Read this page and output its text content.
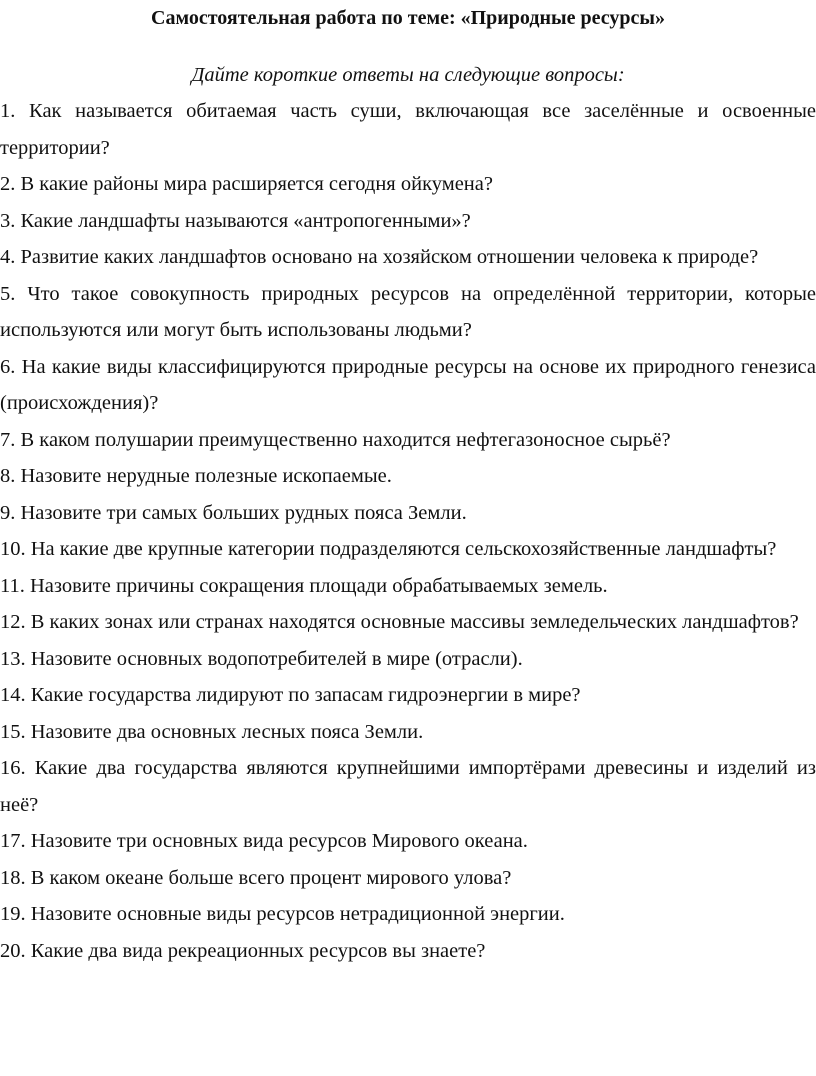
Самостоятельная работа по теме: «Природные ресурсы»

Дайте короткие ответы на следующие вопросы:

1. Как называется обитаемая часть суши, включающая все заселённые и освоенные территории?
2. В какие районы мира расширяется сегодня ойкумена?
3. Какие ландшафты называются «антропогенными»?
4. Развитие каких ландшафтов основано на хозяйском отношении человека к природе?
5. Что такое совокупность природных ресурсов на определённой территории, которые используются или могут быть использованы людьми?
6. На какие виды классифицируются природные ресурсы на основе их природного генезиса (происхождения)?
7. В каком полушарии преимущественно находится нефтегазоносное сырьё?
8. Назовите нерудные полезные ископаемые.
9. Назовите три самых больших рудных пояса Земли.
10. На какие две крупные категории подразделяются сельскохозяйственные ландшафты?
11. Назовите причины сокращения площади обрабатываемых земель.
12. В каких зонах или странах находятся основные массивы земледельческих ландшафтов?
13. Назовите основных водопотребителей в мире (отрасли).
14. Какие государства лидируют по запасам гидроэнергии в мире?
15. Назовите два основных лесных пояса Земли.
16. Какие два государства являются крупнейшими импортёрами древесины и изделий из неё?
17. Назовите три основных вида ресурсов Мирового океана.
18. В каком океане больше всего процент мирового улова?
19. Назовите основные виды ресурсов нетрадиционной энергии.
20. Какие два вида рекреационных ресурсов вы знаете?
